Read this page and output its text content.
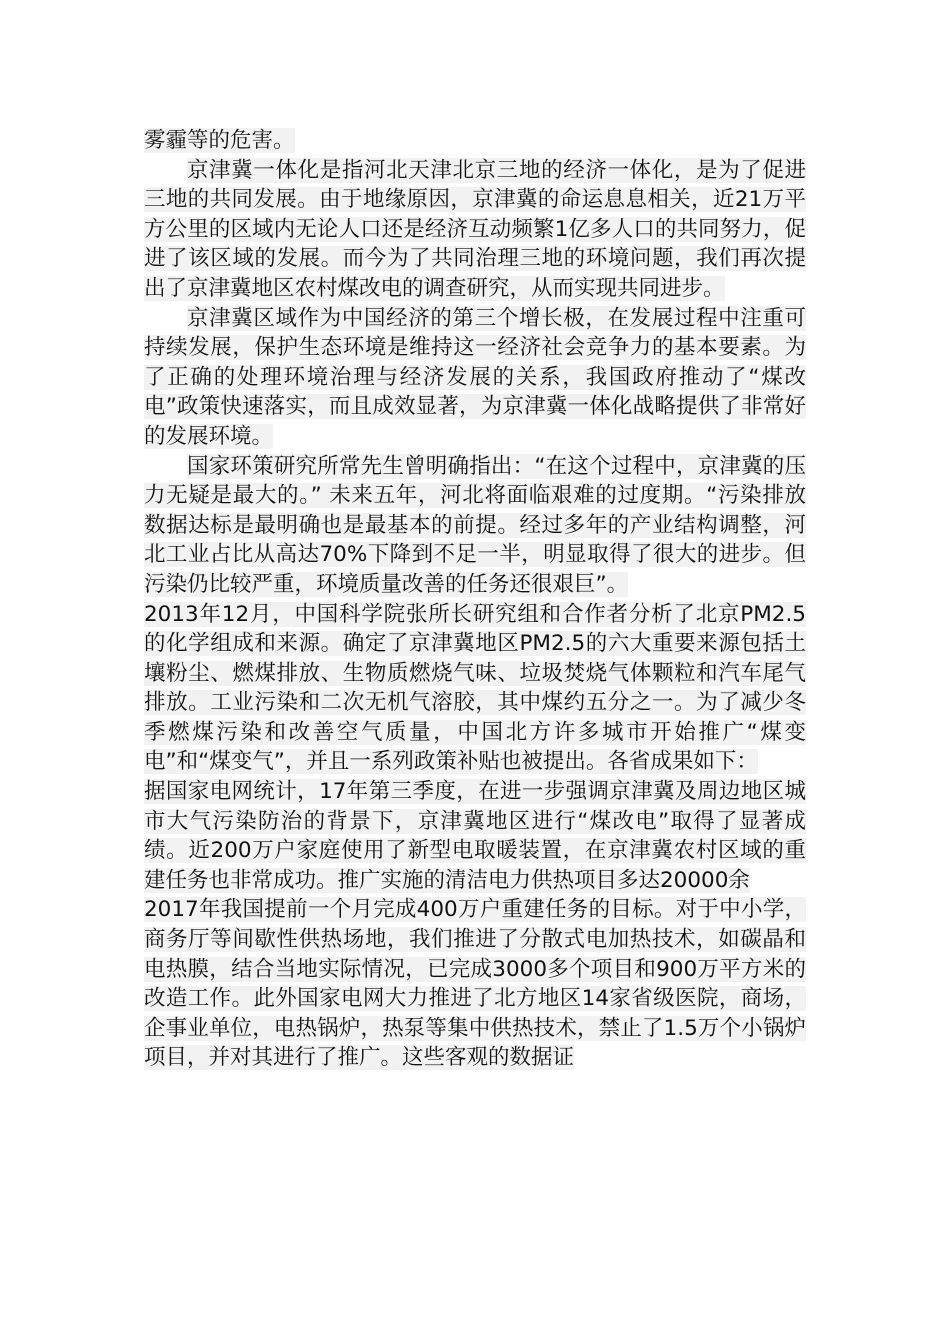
雾霾等的危害。

京津冀一体化是指河北天津北京三地的经济一体化，是为了促进三地的共同发展。由于地缘原因，京津冀的命运息息相关，近21万平方公里的区域内无论人口还是经济互动频繁1亿多人口的共同努力，促进了该区域的发展。而今为了共同治理三地的环境问题，我们再次提出了京津冀地区农村煤改电的调查研究，从而实现共同进步。

京津冀区域作为中国经济的第三个增长极，在发展过程中注重可持续发展，保护生态环境是维持这一经济社会竞争力的基本要素。为了正确的处理环境治理与经济发展的关系，我国政府推动了“煤改电”政策快速落实，而且成效显著，为京津冀一体化战略提供了非常好的发展环境。

国家环策研究所常先生曾明确指出：“在这个过程中，京津冀的压力无疑是最大的。” 未来五年，河北将面临艰难的过度期。“污染排放数据达标是最明确也是最基本的前提。经过多年的产业结构调整，河北工业占比从高达70%下降到不足一半，明显取得了很大的进步。但污染仍比较严重，环境质量改善的任务还很艰巨”。

2013年12月，中国科学院张所长研究组和合作者分析了北京PM2.5的化学组成和来源。确定了京津冀地区PM2.5的六大重要来源包括土壤粉尘、燃煤排放、生物质燃烧气味、垃圾焚烧气体颗粒和汽车尾气排放。工业污染和二次无机气溶胶，其中煤约五分之一。为了减少冬季燃煤污染和改善空气质量，中国北方许多城市开始推广“煤变电”和“煤变气”，并且一系列政策补贴也被提出。各省成果如下：

据国家电网统计，17年第三季度，在进一步强调京津冀及周边地区城市大气污染防治的背景下，京津冀地区进行“煤改电”取得了显著成绩。近200万户家庭使用了新型电取暖装置，在京津冀农村区域的重建任务也非常成功。推广实施的清洁电力供热项目多达20000余

2017年我国提前一个月完成400万户重建任务的目标。对于中小学，商务厅等间歇性供热场地，我们推进了分散式电加热技术，如碳晶和电热膜，结合当地实际情况，已完成3000多个项目和900万平方米的改造工作。此外国家电网大力推进了北方地区14家省级医院，商场，企事业单位，电热锅炉，热泵等集中供热技术，禁止了1.5万个小锅炉项目，并对其进行了推广。这些客观的数据证
